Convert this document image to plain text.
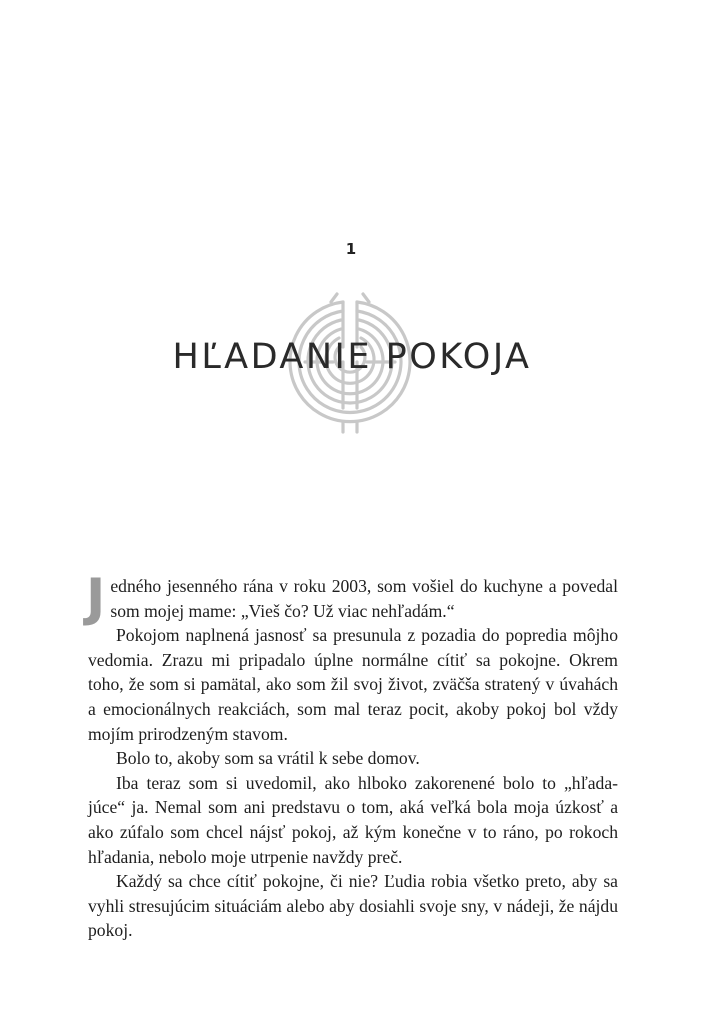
1
HĽADANIE POKOJA

Jedného jesenného rána v roku 2003, som vošiel do kuchyne a povedal som mojej mame: „Vieš čo? Už viac nehľadám.“

Pokojom naplnená jasnosť sa presunula z pozadia do popredia môjho vedomia. Zrazu mi pripadalo úplne normálne cítiť sa pokojne. Okrem toho, že som si pamätal, ako som žil svoj život, zväčša stratený v úvahách a emocionálnych reakciách, som mal teraz pocit, akoby pokoj bol vždy mojím prirodzeným stavom.

Bolo to, akoby som sa vrátil k sebe domov.

Iba teraz som si uvedomil, ako hlboko zakorenené bolo to „hľada-júce“ ja. Nemal som ani predstavu o tom, aká veľká bola moja úzkosť a ako zúfalo som chcel nájsť pokoj, až kým konečne v to ráno, po rokoch hľadania, nebolo moje utrpenie navždy preč.

Každý sa chce cítiť pokojne, či nie? Ľudia robia všetko preto, aby sa vyhli stresujúcim situáciám alebo aby dosiahli svoje sny, v nádeji, že nájdu pokoj.
